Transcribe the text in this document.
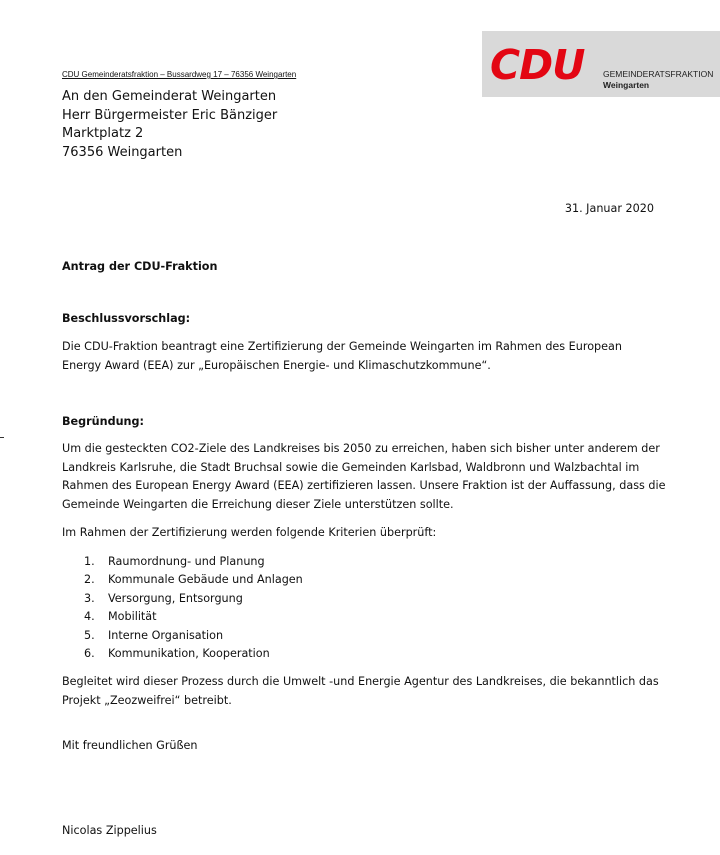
CDU GEMEINDERATSFRAKTION
Weingarten
CDU Gemeinderatsfraktion – Bussardweg 17 – 76356 Weingarten
An den Gemeinderat Weingarten
Herr Bürgermeister Eric Bänziger
Marktplatz 2
76356 Weingarten
31. Januar 2020
Antrag der CDU-Fraktion
Beschlussvorschlag:
Die CDU-Fraktion beantragt eine Zertifizierung der Gemeinde Weingarten im Rahmen des European Energy Award (EEA) zur „Europäischen Energie- und Klimaschutzkommune“.
Begründung:
Um die gesteckten CO2-Ziele des Landkreises bis 2050 zu erreichen, haben sich bisher unter anderem der Landkreis Karlsruhe, die Stadt Bruchsal sowie die Gemeinden Karlsbad, Waldbronn und Walzbachtal im Rahmen des European Energy Award (EEA) zertifizieren lassen. Unsere Fraktion ist der Auffassung, dass die Gemeinde Weingarten die Erreichung dieser Ziele unterstützen sollte.
Im Rahmen der Zertifizierung werden folgende Kriterien überprüft:
1. Raumordnung- und Planung
2. Kommunale Gebäude und Anlagen
3. Versorgung, Entsorgung
4. Mobilität
5. Interne Organisation
6. Kommunikation, Kooperation
Begleitet wird dieser Prozess durch die Umwelt -und Energie Agentur des Landkreises, die bekanntlich das Projekt „Zeozweifrei“ betreibt.
Mit freundlichen Grüßen
Nicolas Zippelius
